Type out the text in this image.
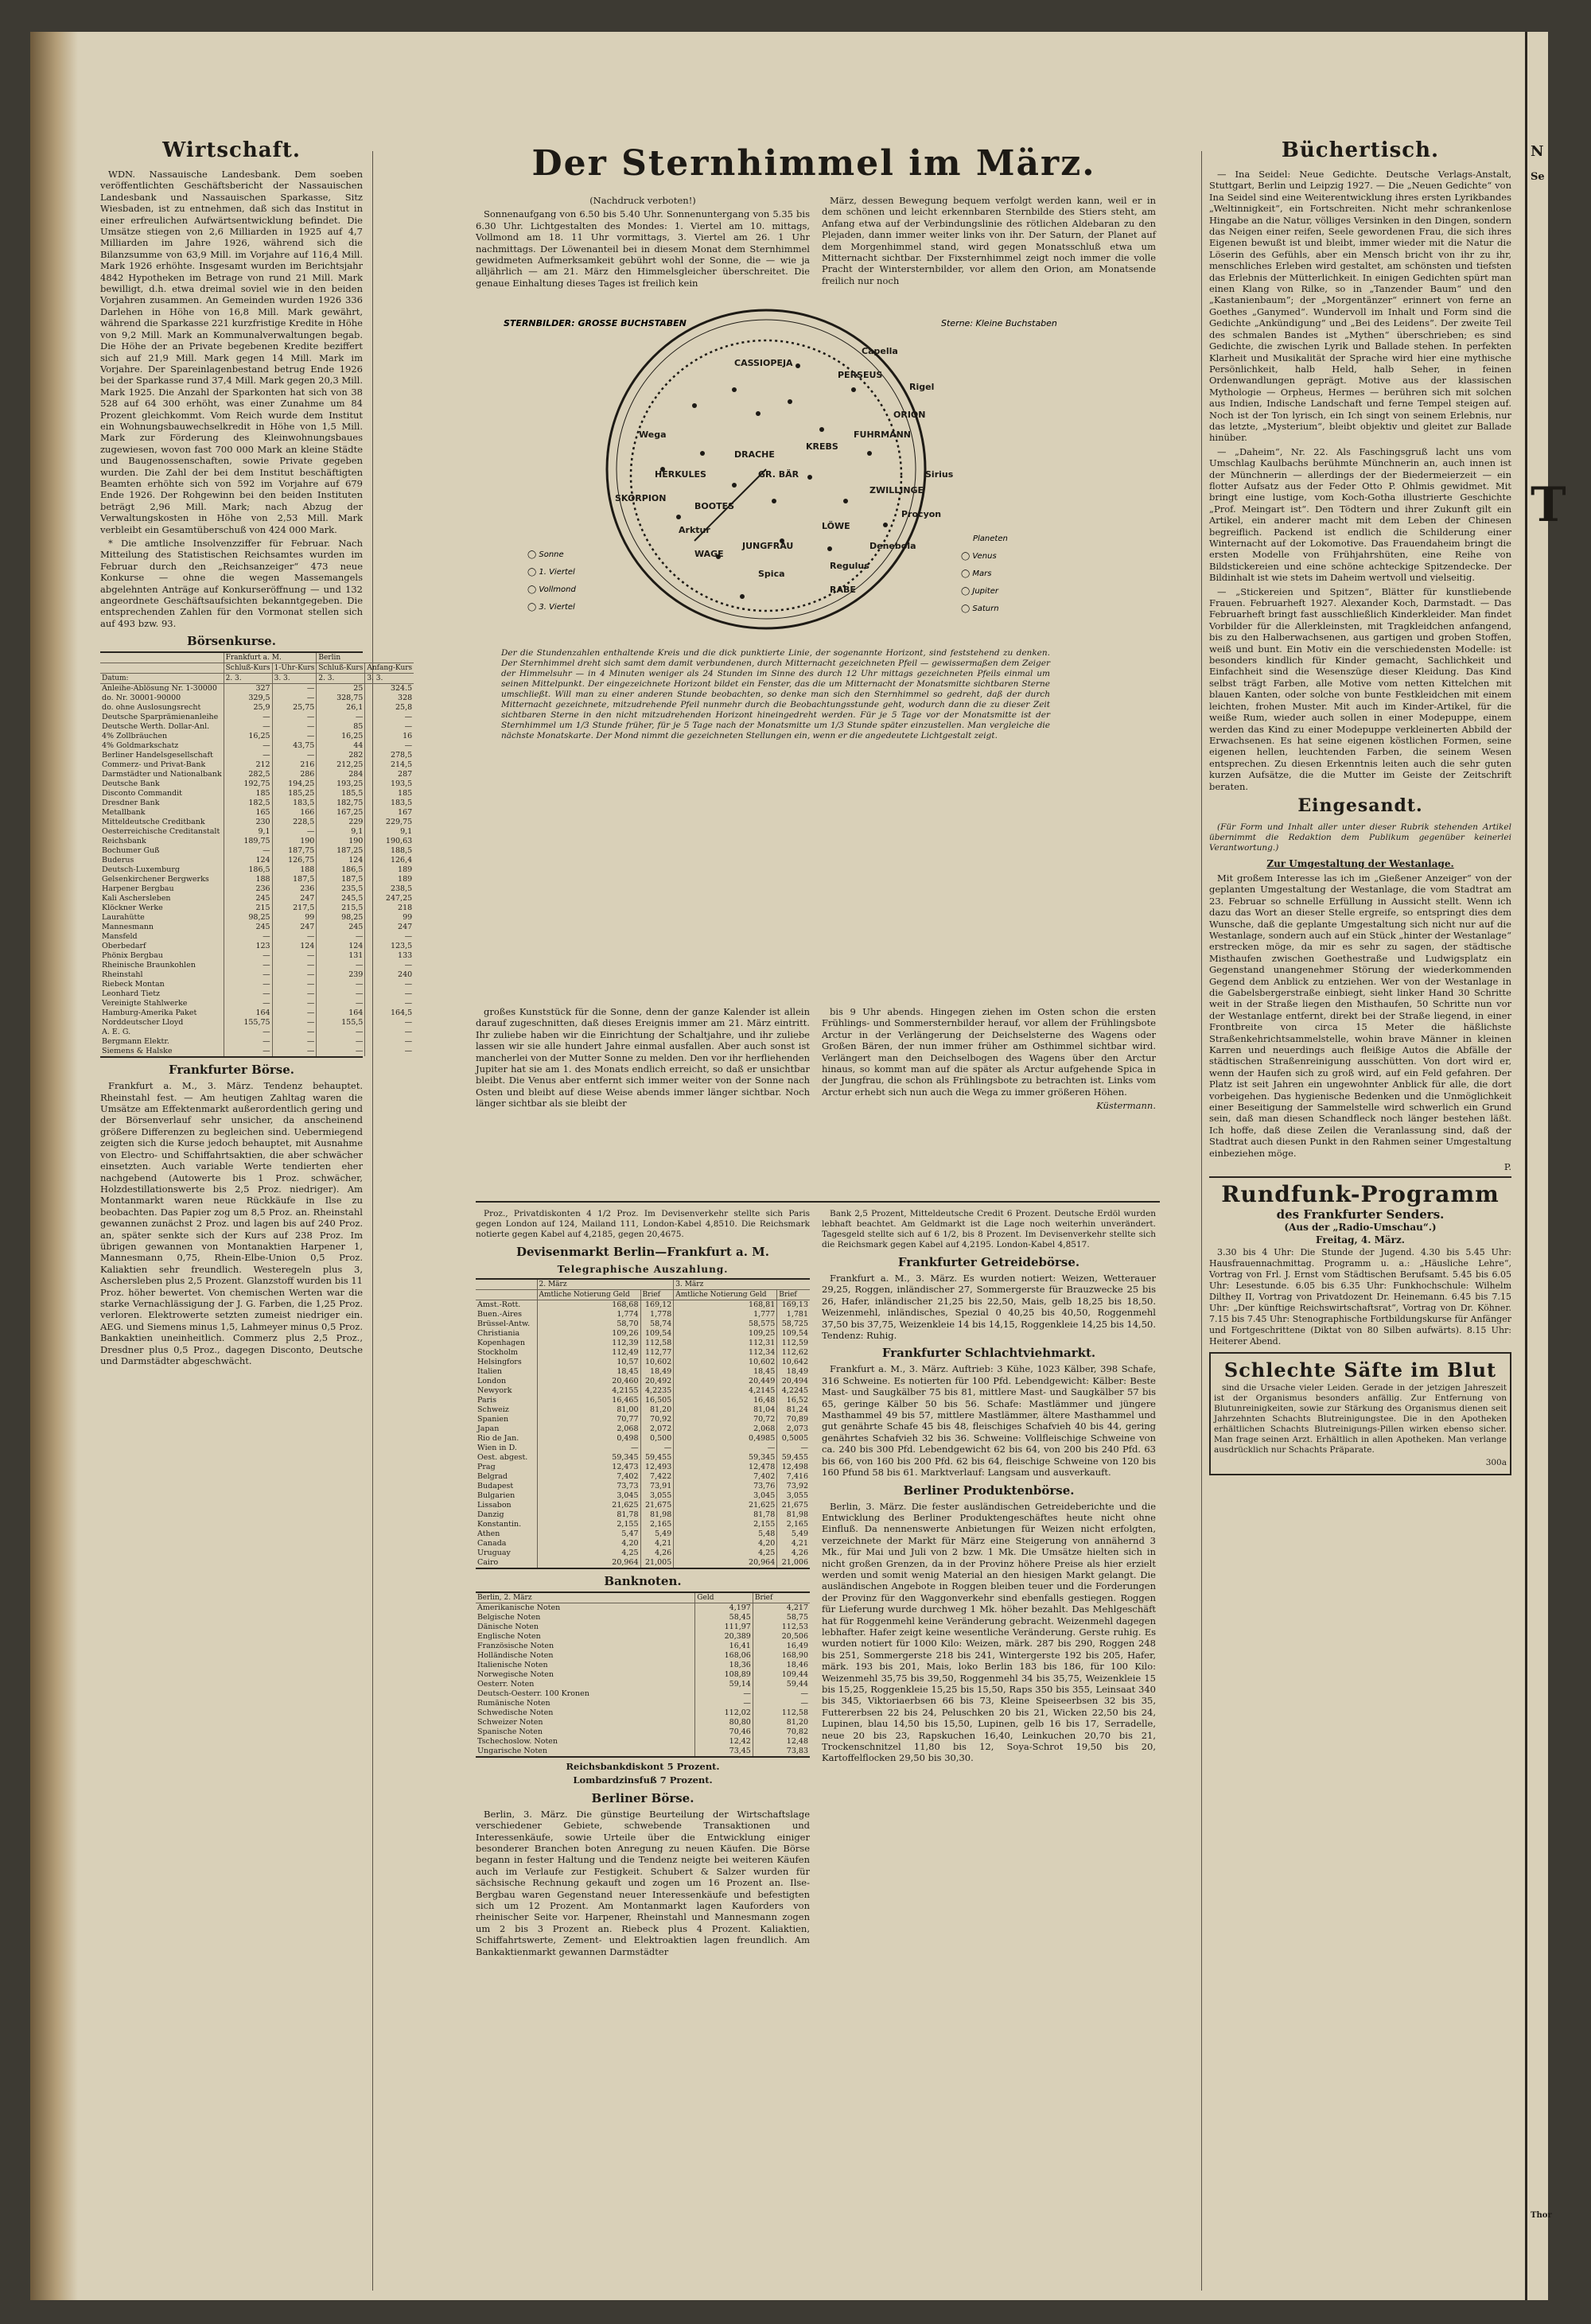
Wirtschaft.

WDN. Nassauische Landesbank. Dem soeben veröffentlichten Geschäftsbericht der Nassauischen Landesbank und Nassauischen Sparkasse, Sitz Wiesbaden, ist zu entnehmen, daß sich das Institut in einer erfreulichen Aufwärtsentwicklung befindet. Die Umsätze stiegen von 2,6 Milliarden in 1925 auf 4,7 Milliarden im Jahre 1926, während sich die Bilanzsumme von 63,9 Mill. im Vorjahre auf 116,4 Mill. Mark 1926 erhöhte. Insgesamt wurden im Berichtsjahr 4842 Hypotheken im Betrage von rund 21 Mill. Mark bewilligt, d.h. etwa dreimal soviel wie in den beiden Vorjahren zusammen. An Gemeinden wurden 1926 336 Darlehen in Höhe von 16,8 Mill. Mark gewährt, während die Sparkasse 221 kurzfristige Kredite in Höhe von 9,2 Mill. Mark an Kommunalverwaltungen begab. Die Höhe der an Private begebenen Kredite beziffert sich auf 21,9 Mill. Mark gegen 14 Mill. Mark im Vorjahre. Der Spareinlagenbestand betrug Ende 1926 bei der Sparkasse rund 37,4 Mill. Mark gegen 20,3 Mill. Mark 1925. Die Anzahl der Sparkonten hat sich von 38 528 auf 64 300 erhöht, was einer Zunahme um 84 Prozent gleichkommt. Vom Reich wurde dem Institut ein Wohnungsbauwechselkredit in Höhe von 1,5 Mill. Mark zur Förderung des Kleinwohnungsbaues zugewiesen, wovon fast 700 000 Mark an kleine Städte und Baugenossenschaften, sowie Private gegeben wurden. Die Zahl der bei dem Institut beschäftigten Beamten erhöhte sich von 592 im Vorjahre auf 679 Ende 1926. Der Rohgewinn bei den beiden Instituten beträgt 2,96 Mill. Mark; nach Abzug der Verwaltungskosten in Höhe von 2,53 Mill. Mark verbleibt ein Gesamtüberschuß von 424 000 Mark.

* Die amtliche Insolvenzziffer für Februar. Nach Mitteilung des Statistischen Reichsamtes wurden im Februar durch den „Reichsanzeiger“ 473 neue Konkurse — ohne die wegen Massemangels abgelehnten Anträge auf Konkurseröffnung — und 132 angeordnete Geschäftsaufsichten bekanntgegeben. Die entsprechenden Zahlen für den Vormonat stellen sich auf 493 bzw. 93.

Börsenkurse.
	Frankfurt a. M.		Berlin	
	Schluß-Kurs	1-Uhr-Kurs	Schluß-Kurs	Anfang-Kurs
Datum:	2. 3.	3. 3.	2. 3.	3. 3.
Anleihe-Ablösung Nr. 1-30000	327	—	25	324.5
do. Nr. 30001-90000	329,5	—	328,75	328
do. ohne Auslosungsrecht	25,9	25,75	26,1	25,8
Deutsche Sparprämienanleihe	—	—	—	—
Deutsche Werth. Dollar-Anl.	—	—	85	—
4% Zollbräuchen	16,25	—	16,25	16
4% Goldmarkschatz	—	43,75	44	—
Berliner Handelsgesellschaft	—	—	282	278,5
Commerz- und Privat-Bank	212	216	212,25	214,5
Darmstädter und Nationalbank	282,5	286	284	287
Deutsche Bank	192,75	194,25	193,25	193,5
Disconto Commandit	185	185,25	185,5	185
Dresdner Bank	182,5	183,5	182,75	183,5
Metallbank	165	166	167,25	167
Mitteldeutsche Creditbank	230	228,5	229	229,75
Oesterreichische Creditanstalt	9,1	—	9,1	9,1
Reichsbank	189,75	190	190	190,63
Bochumer Guß	—	187,75	187,25	188,5
Buderus	124	126,75	124	126,4
Deutsch-Luxemburg	186,5	188	186,5	189
Gelsenkirchener Bergwerks	188	187,5	187,5	189
Harpener Bergbau	236	236	235,5	238,5
Kali Aschersleben	245	247	245,5	247,25
Klöckner Werke	215	217,5	215,5	218
Laurahütte	98,25	99	98,25	99
Mannesmann	245	247	245	247
Mansfeld	—	—	—	—
Oberbedarf	123	124	124	123,5
Phönix Bergbau	—	—	131	133
Rheinische Braunkohlen	—	—	—	—
Rheinstahl	—	—	239	240
Riebeck Montan	—	—	—	—
Leonhard Tietz	—	—	—	—
Vereinigte Stahlwerke	—	—	—	—
Hamburg-Amerika Paket	164	—	164	164,5
Norddeutscher Lloyd	155,75	—	155,5	—
A. E. G.	—	—	—	—
Bergmann Elektr.	—	—	—	—
Siemens & Halske	—	—	—	—
Frankfurter Börse.

Frankfurt a. M., 3. März. Tendenz behauptet. Rheinstahl fest. — Am heutigen Zahltag waren die Umsätze am Effektenmarkt außerordentlich gering und der Börsenverlauf sehr unsicher, da anscheinend größere Differenzen zu begleichen sind. Uebermiegend zeigten sich die Kurse jedoch behauptet, mit Ausnahme von Electro- und Schiffahrtsaktien, die aber schwächer einsetzten. Auch variable Werte tendierten eher nachgebend (Autowerte bis 1 Proz. schwächer, Holzdestillationswerte bis 2,5 Proz. niedriger). Am Montanmarkt waren neue Rückkäufe in Ilse zu beobachten. Das Papier zog um 8,5 Proz. an. Rheinstahl gewannen zunächst 2 Proz. und lagen bis auf 240 Proz. an, später senkte sich der Kurs auf 238 Proz. Im übrigen gewannen von Montanaktien Harpener 1, Mannesmann 0,75, Rhein-Elbe-Union 0,5 Proz. Kaliaktien sehr freundlich. Westeregeln plus 3, Aschersleben plus 2,5 Prozent. Glanzstoff wurden bis 11 Proz. höher bewertet. Von chemischen Werten war die starke Vernachlässigung der J. G. Farben, die 1,25 Proz. verloren. Elektrowerte setzten zumeist niedriger ein. AEG. und Siemens minus 1,5, Lahmeyer minus 0,5 Proz. Bankaktien uneinheitlich. Commerz plus 2,5 Proz., Dresdner plus 0,5 Proz., dagegen Disconto, Deutsche und Darmstädter abgeschwächt.

Der Sternhimmel im März.

(Nachdruck verboten!)

Sonnenaufgang von 6.50 bis 5.40 Uhr. Sonnenuntergang von 5.35 bis 6.30 Uhr. Lichtgestalten des Mondes: 1. Viertel am 10. mittags, Vollmond am 18. 11 Uhr vormittags, 3. Viertel am 26. 1 Uhr nachmittags. Der Löwenanteil bei in diesem Monat dem Sternhimmel gewidmeten Aufmerksamkeit gebührt wohl der Sonne, die — wie ja alljährlich — am 21. März den Himmelsgleicher überschreitet. Die genaue Einhaltung dieses Tages ist freilich kein

März, dessen Bewegung bequem verfolgt werden kann, weil er in dem schönen und leicht erkennbaren Sternbilde des Stiers steht, am Anfang etwa auf der Verbindungslinie des rötlichen Aldebaran zu den Plejaden, dann immer weiter links von ihr. Der Saturn, der Planet auf dem Morgenhimmel stand, wird gegen Monatsschluß etwa um Mitternacht sichtbar. Der Fixsternhimmel zeigt noch immer die volle Pracht der Wintersternbilder, vor allem den Orion, am Monatsende freilich nur noch

SKORPION
HERKULES
BOOTES
DRACHE
GR. BÄR
LÖWE
JUNGFRAU
WAGE
RABE
ZWILLINGE
FUHRMANN
PERSEUS
CASSIOPEJA
ORION
KREBS
Regulus
Arktur
Spica
Procyon
Sirius
Rigel
Capella
Wega
Denebola
STERNBILDER: GROSSE BUCHSTABEN	Sterne: Kleine Buchstaben
◯ Sonne
◯ 1. Viertel
◯ Vollmond
◯ 3. Viertel
Planeten
◯ Venus
◯ Mars
◯ Jupiter
◯ Saturn
Der die Stundenzahlen enthaltende Kreis und die dick punktierte Linie, der sogenannte Horizont, sind feststehend zu denken. Der Sternhimmel dreht sich samt dem damit verbundenen, durch Mitternacht gezeichneten Pfeil — gewissermaßen dem Zeiger der Himmelsuhr — in 4 Minuten weniger als 24 Stunden im Sinne des durch 12 Uhr mittags gezeichneten Pfeils einmal um seinen Mittelpunkt. Der eingezeichnete Horizont bildet ein Fenster, das die um Mitternacht der Monatsmitte sichtbaren Sterne umschließt. Will man zu einer anderen Stunde beobachten, so denke man sich den Sternhimmel so gedreht, daß der durch Mitternacht gezeichnete, mitzudrehende Pfeil nunmehr durch die Beobachtungsstunde geht, wodurch dann die zu dieser Zeit sichtbaren Sterne in den nicht mitzudrehenden Horizont hineingedreht werden. Für je 5 Tage vor der Monatsmitte ist der Sternhimmel um 1/3 Stunde früher, für je 5 Tage nach der Monatsmitte um 1/3 Stunde später einzustellen. Man vergleiche die nächste Monatskarte. Der Mond nimmt die gezeichneten Stellungen ein, wenn er die angedeutete Lichtgestalt zeigt.

großes Kunststück für die Sonne, denn der ganze Kalender ist allein darauf zugeschnitten, daß dieses Ereignis immer am 21. März eintritt. Ihr zuliebe haben wir die Einrichtung der Schaltjahre, und ihr zuliebe lassen wir sie alle hundert Jahre einmal ausfallen. Aber auch sonst ist mancherlei von der Mutter Sonne zu melden. Den vor ihr herfliehenden Jupiter hat sie am 1. des Monats endlich erreicht, so daß er unsichtbar bleibt. Die Venus aber entfernt sich immer weiter von der Sonne nach Osten und bleibt auf diese Weise abends immer länger sichtbar. Noch länger sichtbar als sie bleibt der

bis 9 Uhr abends. Hingegen ziehen im Osten schon die ersten Frühlings- und Sommersternbilder herauf, vor allem der Frühlingsbote Arctur in der Verlängerung der Deichselsterne des Wagens oder Großen Bären, der nun immer früher am Osthimmel sichtbar wird. Verlängert man den Deichselbogen des Wagens über den Arctur hinaus, so kommt man auf die später als Arctur aufgehende Spica in der Jungfrau, die schon als Frühlingsbote zu betrachten ist. Links vom Arctur erhebt sich nun auch die Wega zu immer größeren Höhen.

Küstermann.

Proz., Privatdiskonten 4 1/2 Proz. Im Devisenverkehr stellte sich Paris gegen London auf 124, Mailand 111, London-Kabel 4,8510. Die Reichsmark notierte gegen Kabel auf 4,2185, gegen 20,4675.

Devisenmarkt Berlin—Frankfurt a. M.
Telegraphische Auszahlung.
	2. März		3. März	
	Amtliche Notierung Geld	Brief	Amtliche Notierung Geld	Brief
Amst.-Rott.	168,68	169,12	168,81	169,13
Buen.-Aires	1,774	1,778	1,777	1,781
Brüssel-Antw.	58,70	58,74	58,575	58,725
Christiania	109,26	109,54	109,25	109,54
Kopenhagen	112,39	112,58	112,31	112,59
Stockholm	112,49	112,77	112,34	112,62
Helsingfors	10,57	10,602	10,602	10,642
Italien	18,45	18,49	18,45	18,49
London	20,460	20,492	20,449	20,494
Newyork	4,2155	4,2235	4,2145	4,2245
Paris	16,465	16,505	16,48	16,52
Schweiz	81,00	81,20	81,04	81,24
Spanien	70,77	70,92	70,72	70,89
Japan	2,068	2,072	2,068	2,073
Rio de Jan.	0,498	0,500	0,4985	0,5005
Wien in D.	—	—	—	—
Oest. abgest.	59,345	59,455	59,345	59,455
Prag	12,473	12,493	12,478	12,498
Belgrad	7,402	7,422	7,402	7,416
Budapest	73,73	73,91	73,76	73,92
Bulgarien	3,045	3,055	3,045	3,055
Lissabon	21,625	21,675	21,625	21,675
Danzig	81,78	81,98	81,78	81,98
Konstantin.	2,155	2,165	2,155	2,165
Athen	5,47	5,49	5,48	5,49
Canada	4,20	4,21	4,20	4,21
Uruguay	4,25	4,26	4,25	4,26
Cairo	20,964	21,005	20,964	21,006
Banknoten.
Berlin, 2. März	Geld	Brief
Amerikanische Noten	4,197	4,217
Belgische Noten	58,45	58,75
Dänische Noten	111,97	112,53
Englische Noten	20,389	20,506
Französische Noten	16,41	16,49
Holländische Noten	168,06	168,90
Italienische Noten	18,36	18,46
Norwegische Noten	108,89	109,44
Oesterr. Noten	59,14	59,44
Deutsch-Oesterr. 100 Kronen	—	—
Rumänische Noten	—	—
Schwedische Noten	112,02	112,58
Schweizer Noten	80,80	81,20
Spanische Noten	70,46	70,82
Tschechoslow. Noten	12,42	12,48
Ungarische Noten	73,45	73,83

Reichsbankdiskont 5 Prozent.

Lombardzinsfuß 7 Prozent.

Berliner Börse.

Berlin, 3. März. Die günstige Beurteilung der Wirtschaftslage verschiedener Gebiete, schwebende Transaktionen und Interessenkäufe, sowie Urteile über die Entwicklung einiger besonderer Branchen boten Anregung zu neuen Käufen. Die Börse begann in fester Haltung und die Tendenz neigte bei weiteren Käufen auch im Verlaufe zur Festigkeit. Schubert & Salzer wurden für sächsische Rechnung gekauft und zogen um 16 Prozent an. Ilse-Bergbau waren Gegenstand neuer Interessenkäufe und befestigten sich um 12 Prozent. Am Montanmarkt lagen Kauforders von rheinischer Seite vor. Harpener, Rheinstahl und Mannesmann zogen um 2 bis 3 Prozent an. Riebeck plus 4 Prozent. Kaliaktien, Schiffahrtswerte, Zement- und Elektroaktien lagen freundlich. Am Bankaktienmarkt gewannen Darmstädter

Bank 2,5 Prozent, Mitteldeutsche Credit 6 Prozent. Deutsche Erdöl wurden lebhaft beachtet. Am Geldmarkt ist die Lage noch weiterhin unverändert. Tagesgeld stellte sich auf 6 1/2, bis 8 Prozent. Im Devisenverkehr stellte sich die Reichsmark gegen Kabel auf 4,2195. London-Kabel 4,8517.

Frankfurter Getreidebörse.

Frankfurt a. M., 3. März. Es wurden notiert: Weizen, Wetterauer 29,25, Roggen, inländischer 27, Sommergerste für Brauzwecke 25 bis 26, Hafer, inländischer 21,25 bis 22,50, Mais, gelb 18,25 bis 18,50. Weizenmehl, inländisches, Spezial 0 40,25 bis 40,50, Roggenmehl 37,50 bis 37,75, Weizenkleie 14 bis 14,15, Roggenkleie 14,25 bis 14,50. Tendenz: Ruhig.

Frankfurter Schlachtviehmarkt.

Frankfurt a. M., 3. März. Auftrieb: 3 Kühe, 1023 Kälber, 398 Schafe, 316 Schweine. Es notierten für 100 Pfd. Lebendgewicht: Kälber: Beste Mast- und Saugkälber 75 bis 81, mittlere Mast- und Saugkälber 57 bis 65, geringe Kälber 50 bis 56. Schafe: Mastlämmer und jüngere Masthammel 49 bis 57, mittlere Mastlämmer, ältere Masthammel und gut genährte Schafe 45 bis 48, fleischiges Schafvieh 40 bis 44, gering genährtes Schafvieh 32 bis 36. Schweine: Vollfleischige Schweine von ca. 240 bis 300 Pfd. Lebendgewicht 62 bis 64, von 200 bis 240 Pfd. 63 bis 66, von 160 bis 200 Pfd. 62 bis 64, fleischige Schweine von 120 bis 160 Pfund 58 bis 61. Marktverlauf: Langsam und ausverkauft.

Berliner Produktenbörse.

Berlin, 3. März. Die fester ausländischen Getreideberichte und die Entwicklung des Berliner Produktengeschäftes heute nicht ohne Einfluß. Da nennenswerte Anbietungen für Weizen nicht erfolgten, verzeichnete der Markt für März eine Steigerung von annähernd 3 Mk., für Mai und Juli von 2 bzw. 1 Mk. Die Umsätze hielten sich in nicht großen Grenzen, da in der Provinz höhere Preise als hier erzielt werden und somit wenig Material an den hiesigen Markt gelangt. Die ausländischen Angebote in Roggen bleiben teuer und die Forderungen der Provinz für den Waggonverkehr sind ebenfalls gestiegen. Roggen für Lieferung wurde durchweg 1 Mk. höher bezahlt. Das Mehlgeschäft hat für Roggenmehl keine Veränderung gebracht. Weizenmehl dagegen lebhafter. Hafer zeigt keine wesentliche Veränderung. Gerste ruhig. Es wurden notiert für 1000 Kilo: Weizen, märk. 287 bis 290, Roggen 248 bis 251, Sommergerste 218 bis 241, Wintergerste 192 bis 205, Hafer, märk. 193 bis 201, Mais, loko Berlin 183 bis 186, für 100 Kilo: Weizenmehl 35,75 bis 39,50, Roggenmehl 34 bis 35,75, Weizenkleie 15 bis 15,25, Roggenkleie 15,25 bis 15,50, Raps 350 bis 355, Leinsaat 340 bis 345, Viktoriaerbsen 66 bis 73, Kleine Speiseerbsen 32 bis 35, Futtererbsen 22 bis 24, Peluschken 20 bis 21, Wicken 22,50 bis 24, Lupinen, blau 14,50 bis 15,50, Lupinen, gelb 16 bis 17, Serradelle, neue 20 bis 23, Rapskuchen 16,40, Leinkuchen 20,70 bis 21, Trockenschnitzel 11,80 bis 12, Soya-Schrot 19,50 bis 20, Kartoffelflocken 29,50 bis 30,30.

Büchertisch.

— Ina Seidel: Neue Gedichte. Deutsche Verlags-Anstalt, Stuttgart, Berlin und Leipzig 1927. — Die „Neuen Gedichte“ von Ina Seidel sind eine Weiterentwicklung ihres ersten Lyrikbandes „Weltinnigkeit“, ein Fortschreiten. Nicht mehr schrankenlose Hingabe an die Natur, völliges Versinken in den Dingen, sondern das Neigen einer reifen, Seele gewordenen Frau, die sich ihres Eigenen bewußt ist und bleibt, immer wieder mit die Natur die Löserin des Gefühls, aber ein Mensch bricht von ihr zu ihr, menschliches Erleben wird gestaltet, am schönsten und tiefsten das Erlebnis der Mütterlichkeit. In einigen Gedichten spürt man einen Klang von Rilke, so in „Tanzender Baum“ und den „Kastanienbaum“; der „Morgentänzer“ erinnert von ferne an Goethes „Ganymed“. Wundervoll im Inhalt und Form sind die Gedichte „Ankündigung“ und „Bei des Leidens“. Der zweite Teil des schmalen Bandes ist „Mythen“ überschrieben; es sind Gedichte, die zwischen Lyrik und Ballade stehen. In perfekten Klarheit und Musikalität der Sprache wird hier eine mythische Persönlichkeit, halb Held, halb Seher, in feinen Ordenwandlungen geprägt. Motive aus der klassischen Mythologie — Orpheus, Hermes — berühren sich mit solchen aus Indien, Indische Landschaft und ferne Tempel steigen auf. Noch ist der Ton lyrisch, ein Ich singt von seinem Erlebnis, nur das letzte, „Mysterium“, bleibt objektiv und gleitet zur Ballade hinüber.

— „Daheim“, Nr. 22. Als Faschingsgruß lacht uns vom Umschlag Kaulbachs berühmte Münchnerin an, auch innen ist der Münchnerin — allerdings der der Biedermeierzeit — ein flotter Aufsatz aus der Feder Otto P. Ohlmis gewidmet. Mit bringt eine lustige, vom Koch-Gotha illustrierte Geschichte „Prof. Meingart ist“. Den Tödtern und ihrer Zukunft gilt ein Artikel, ein anderer macht mit dem Leben der Chinesen begreiflich. Packend ist endlich die Schilderung einer Winternacht auf der Lokomotive. Das Frauendaheim bringt die ersten Modelle von Frühjahrshüten, eine Reihe von Bildstickereien und eine schöne achteckige Spitzendecke. Der Bildinhalt ist wie stets im Daheim wertvoll und vielseitig.

— „Stickereien und Spitzen“, Blätter für kunstliebende Frauen. Februarheft 1927. Alexander Koch, Darmstadt. — Das Februarheft bringt fast ausschließlich Kinderkleider. Man findet Vorbilder für die Allerkleinsten, mit Tragkleidchen anfangend, bis zu den Halberwachsenen, aus gartigen und groben Stoffen, weiß und bunt. Ein Motiv ein die verschiedensten Modelle: ist besonders kindlich für Kinder gemacht, Sachlichkeit und Einfachheit sind die Wesenszüge dieser Kleidung. Das Kind selbst trägt Farben, alle Motive vom netten Kittelchen mit blauen Kanten, oder solche von bunte Festkleidchen mit einem leichten, frohen Muster. Mit auch im Kinder-Artikel, für die weiße Rum, wieder auch sollen in einer Modepuppe, einem werden das Kind zu einer Modepuppe verkleinerten Abbild der Erwachsenen. Es hat seine eigenen köstlichen Formen, seine eigenen hellen, leuchtenden Farben, die seinem Wesen entsprechen. Zu diesen Erkenntnis leiten auch die sehr guten kurzen Aufsätze, die die Mutter im Geiste der Zeitschrift beraten.

Eingesandt.

(Für Form und Inhalt aller unter dieser Rubrik stehenden Artikel übernimmt die Redaktion dem Publikum gegenüber keinerlei Verantwortung.)

Zur Umgestaltung der Westanlage.

Mit großem Interesse las ich im „Gießener Anzeiger“ von der geplanten Umgestaltung der Westanlage, die vom Stadtrat am 23. Februar so schnelle Erfüllung in Aussicht stellt. Wenn ich dazu das Wort an dieser Stelle ergreife, so entspringt dies dem Wunsche, daß die geplante Umgestaltung sich nicht nur auf die Westanlage, sondern auch auf ein Stück „hinter der Westanlage“ erstrecken möge, da mir es sehr zu sagen, der städtische Misthaufen zwischen Goethestraße und Ludwigsplatz ein Gegenstand unangenehmer Störung der wiederkommenden Gegend dem Anblick zu entziehen. Wer von der Westanlage in die Gabelsbergerstraße einbiegt, sieht linker Hand 30 Schritte weit in der Straße liegen den Misthaufen, 50 Schritte nun vor der Westanlage entfernt, direkt bei der Straße liegend, in einer Frontbreite von circa 15 Meter die häßlichste Straßenkehrichtsammelstelle, wohin brave Männer in kleinen Karren und neuerdings auch fleißige Autos die Abfälle der städtischen Straßenreinigung ausschütten. Von dort wird er, wenn der Haufen sich zu groß wird, auf ein Feld gefahren. Der Platz ist seit Jahren ein ungewohnter Anblick für alle, die dort vorbeigehen. Das hygienische Bedenken und die Unmöglichkeit einer Beseitigung der Sammelstelle wird schwerlich ein Grund sein, daß man diesen Schandfleck noch länger bestehen läßt. Ich hoffe, daß diese Zeilen die Veranlassung sind, daß der Stadtrat auch diesen Punkt in den Rahmen seiner Umgestaltung einbeziehen möge.

P.

Rundfunk-Programm
des Frankfurter Senders.
(Aus der „Radio-Umschau“.)
Freitag, 4. März.

3.30 bis 4 Uhr: Die Stunde der Jugend. 4.30 bis 5.45 Uhr: Hausfrauennachmittag. Programm u. a.: „Häusliche Lehre“, Vortrag von Frl. J. Ernst vom Städtischen Berufsamt. 5.45 bis 6.05 Uhr: Lesestunde. 6.05 bis 6.35 Uhr: Funkhochschule: Wilhelm Dilthey II, Vortrag von Privatdozent Dr. Heinemann. 6.45 bis 7.15 Uhr: „Der künftige Reichswirtschaftsrat“, Vortrag von Dr. Köhner. 7.15 bis 7.45 Uhr: Stenographische Fortbildungskurse für Anfänger und Fortgeschrittene (Diktat von 80 Silben aufwärts). 8.15 Uhr: Heiterer Abend.

Schlechte Säfte im Blut

sind die Ursache vieler Leiden. Gerade in der jetzigen Jahreszeit ist der Organismus besonders anfällig. Zur Entfernung von Blutunreinigkeiten, sowie zur Stärkung des Organismus dienen seit Jahrzehnten Schachts Blutreinigungstee. Die in den Apotheken erhältlichen Schachts Blutreinigungs-Pillen wirken ebenso sicher. Man frage seinen Arzt. Erhältlich in allen Apotheken. Man verlange ausdrücklich nur Schachts Präparate.

300a

N
Se
T
Thor
